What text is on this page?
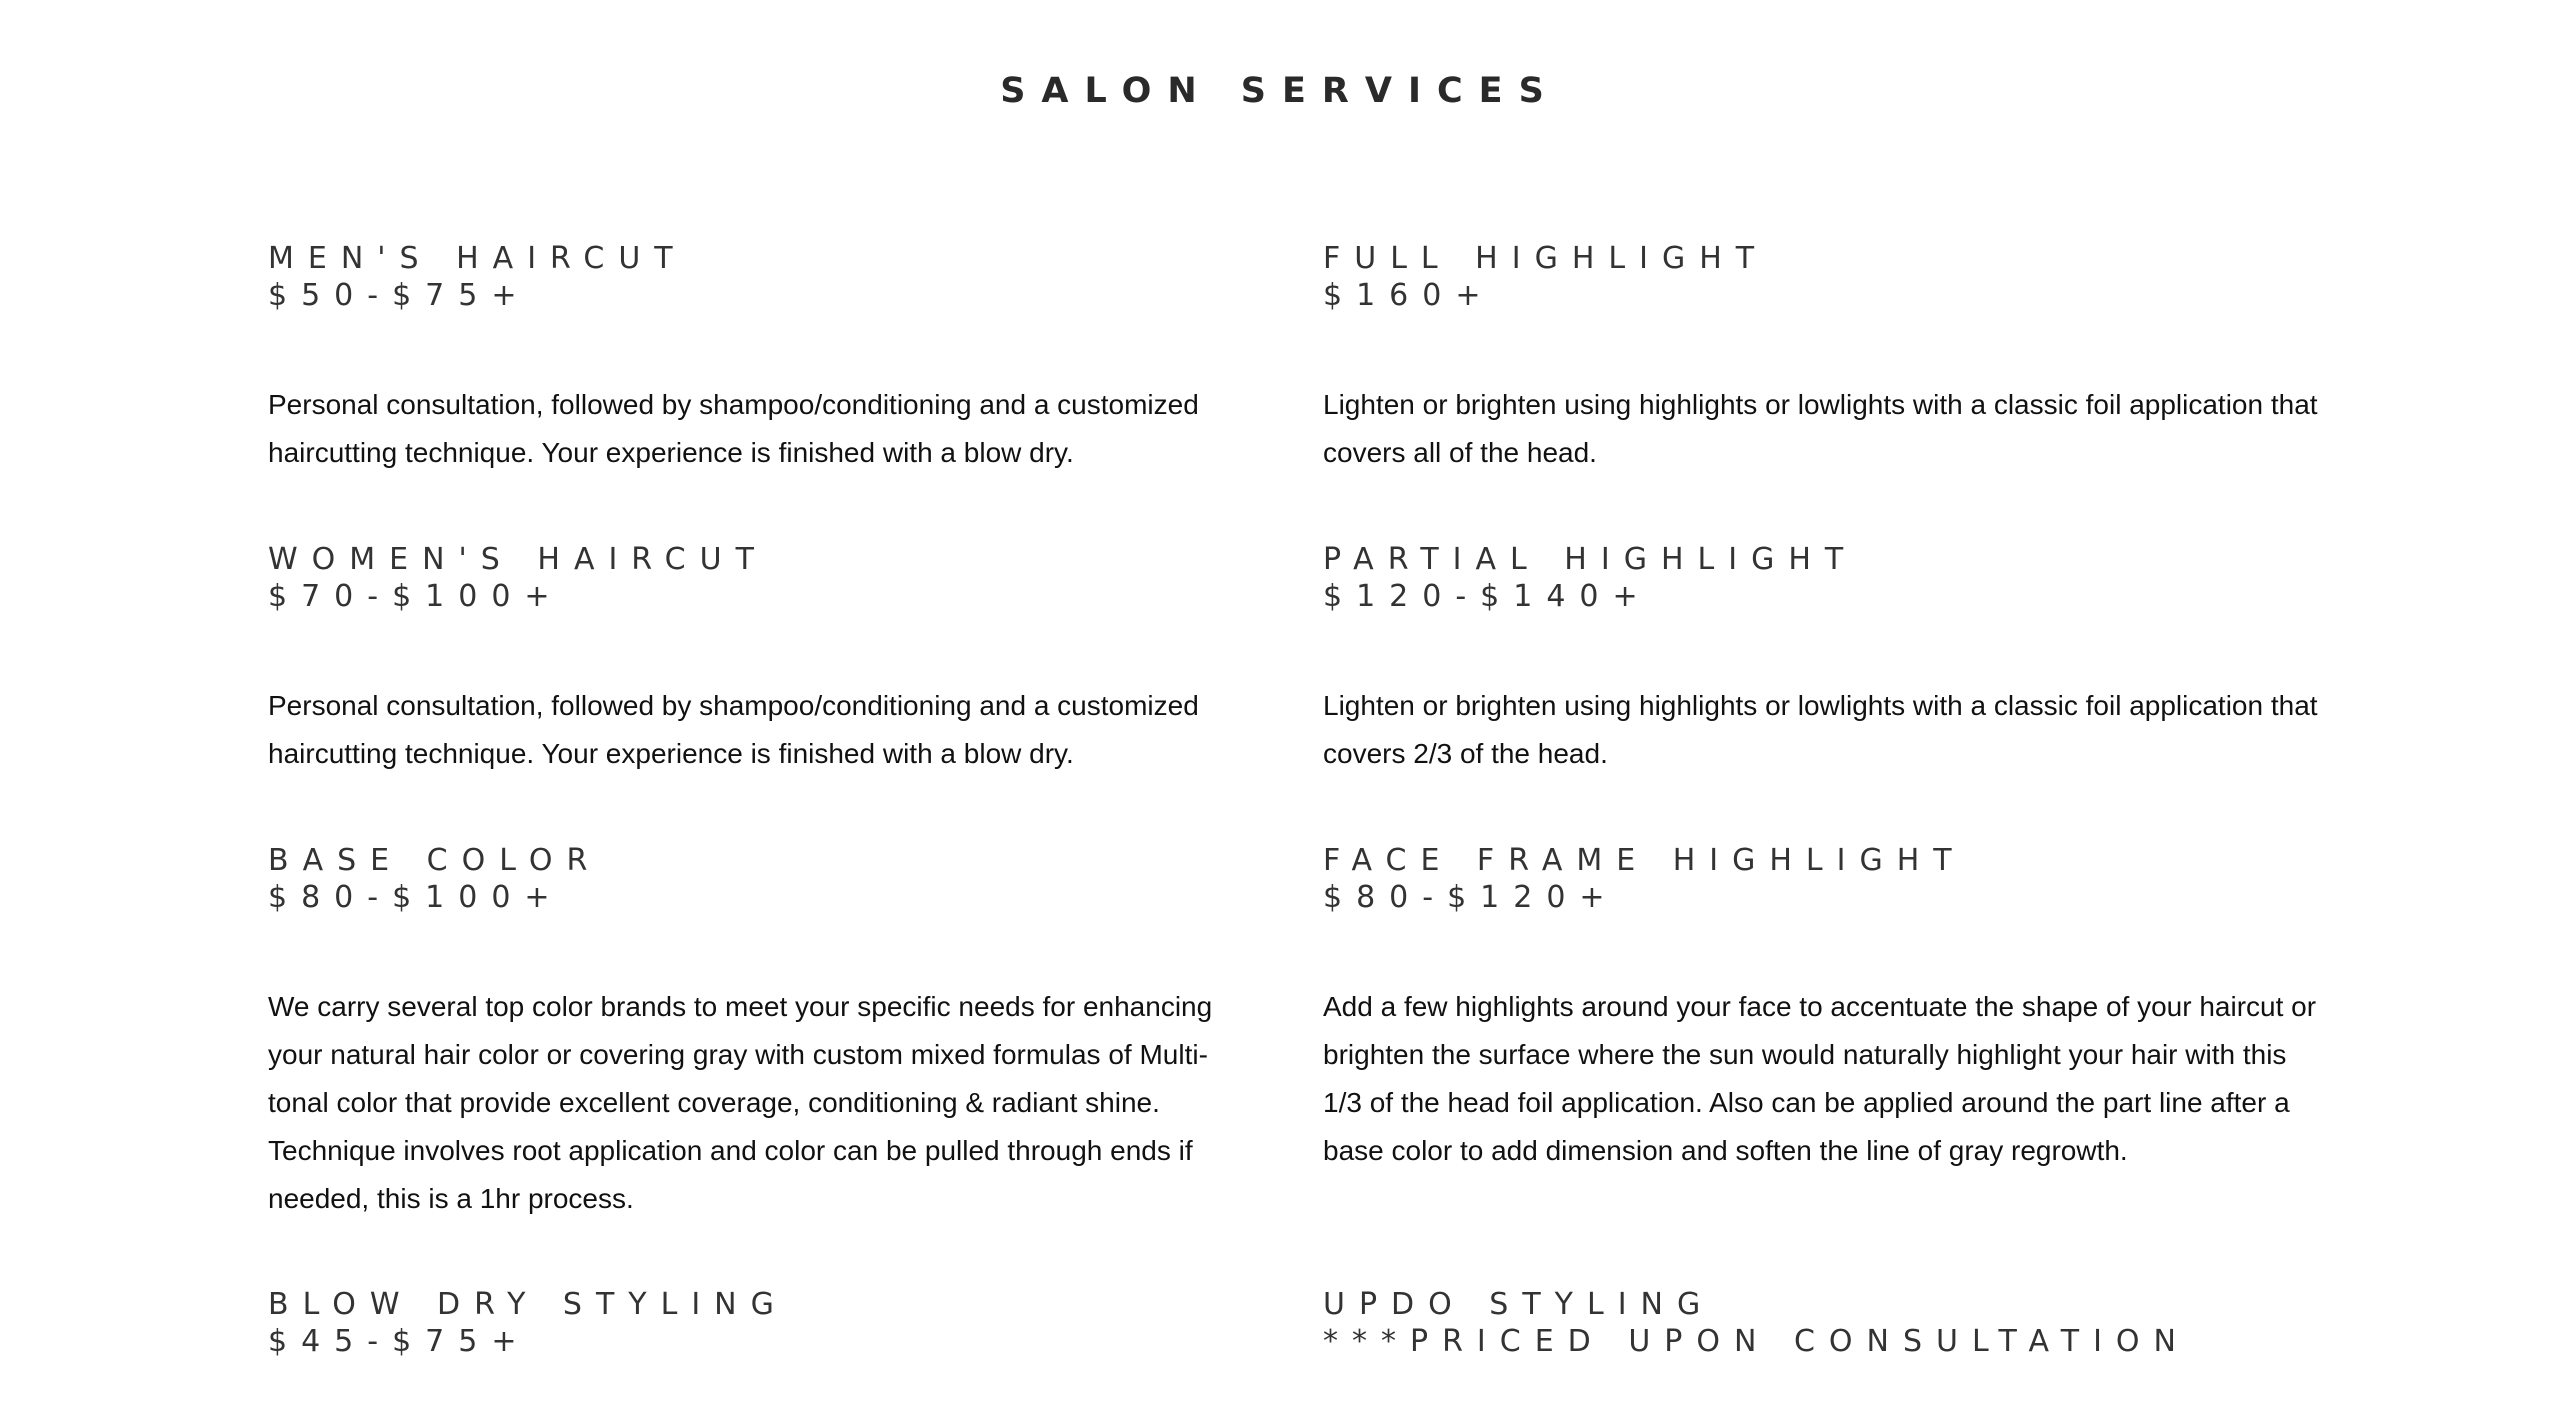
SALON SERVICES
MEN'S HAIRCUT
$50-$75+

Personal consultation, followed by shampoo/conditioning and a customized haircutting technique. Your experience is finished with a blow dry.

FULL HIGHLIGHT
$160+

Lighten or brighten using highlights or lowlights with a classic foil application that covers all of the head.

WOMEN'S HAIRCUT
$70-$100+

Personal consultation, followed by shampoo/conditioning and a customized haircutting technique. Your experience is finished with a blow dry.

PARTIAL HIGHLIGHT
$120-$140+

Lighten or brighten using highlights or lowlights with a classic foil application that covers 2/3 of the head.

BASE COLOR
$80-$100+

We carry several top color brands to meet your specific needs for enhancing your natural hair color or covering gray with custom mixed formulas of Multi-tonal color that provide excellent coverage, conditioning & radiant shine. Technique involves root application and color can be pulled through ends if needed, this is a 1hr process.

FACE FRAME HIGHLIGHT
$80-$120+

Add a few highlights around your face to accentuate the shape of your haircut or brighten the surface where the sun would naturally highlight your hair with this 1/3 of the head foil application. Also can be applied around the part line after a base color to add dimension and soften the line of gray regrowth.

BLOW DRY STYLING
$45-$75+
UPDO STYLING
***PRICED UPON CONSULTATION
